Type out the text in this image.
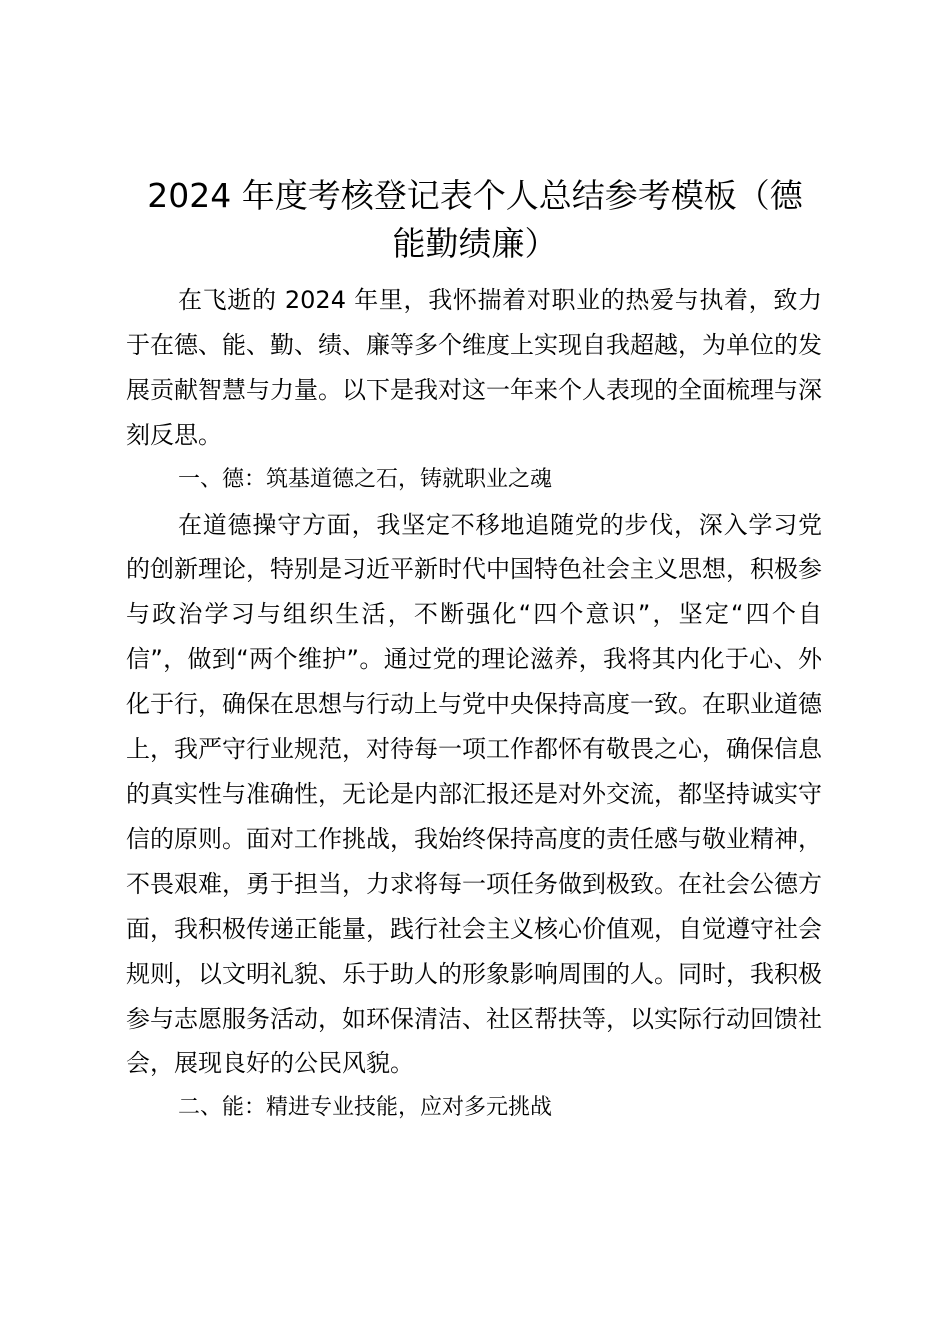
2024 年度考核登记表个人总结参考模板（德
能勤绩廉）

在飞逝的 2024 年里，我怀揣着对职业的热爱与执着，致力于在德、能、勤、绩、廉等多个维度上实现自我超越，为单位的发展贡献智慧与力量。以下是我对这一年来个人表现的全面梳理与深刻反思。

一、德：筑基道德之石，铸就职业之魂

在道德操守方面，我坚定不移地追随党的步伐，深入学习党的创新理论，特别是习近平新时代中国特色社会主义思想，积极参与政治学习与组织生活，不断强化“四个意识”，坚定“四个自信”，做到“两个维护”。通过党的理论滋养，我将其内化于心、外化于行，确保在思想与行动上与党中央保持高度一致。在职业道德上，我严守行业规范，对待每一项工作都怀有敬畏之心，确保信息的真实性与准确性，无论是内部汇报还是对外交流，都坚持诚实守信的原则。面对工作挑战，我始终保持高度的责任感与敬业精神，不畏艰难，勇于担当，力求将每一项任务做到极致。在社会公德方面，我积极传递正能量，践行社会主义核心价值观，自觉遵守社会规则，以文明礼貌、乐于助人的形象影响周围的人。同时，我积极参与志愿服务活动，如环保清洁、社区帮扶等，以实际行动回馈社会，展现良好的公民风貌。

二、能：精进专业技能，应对多元挑战
